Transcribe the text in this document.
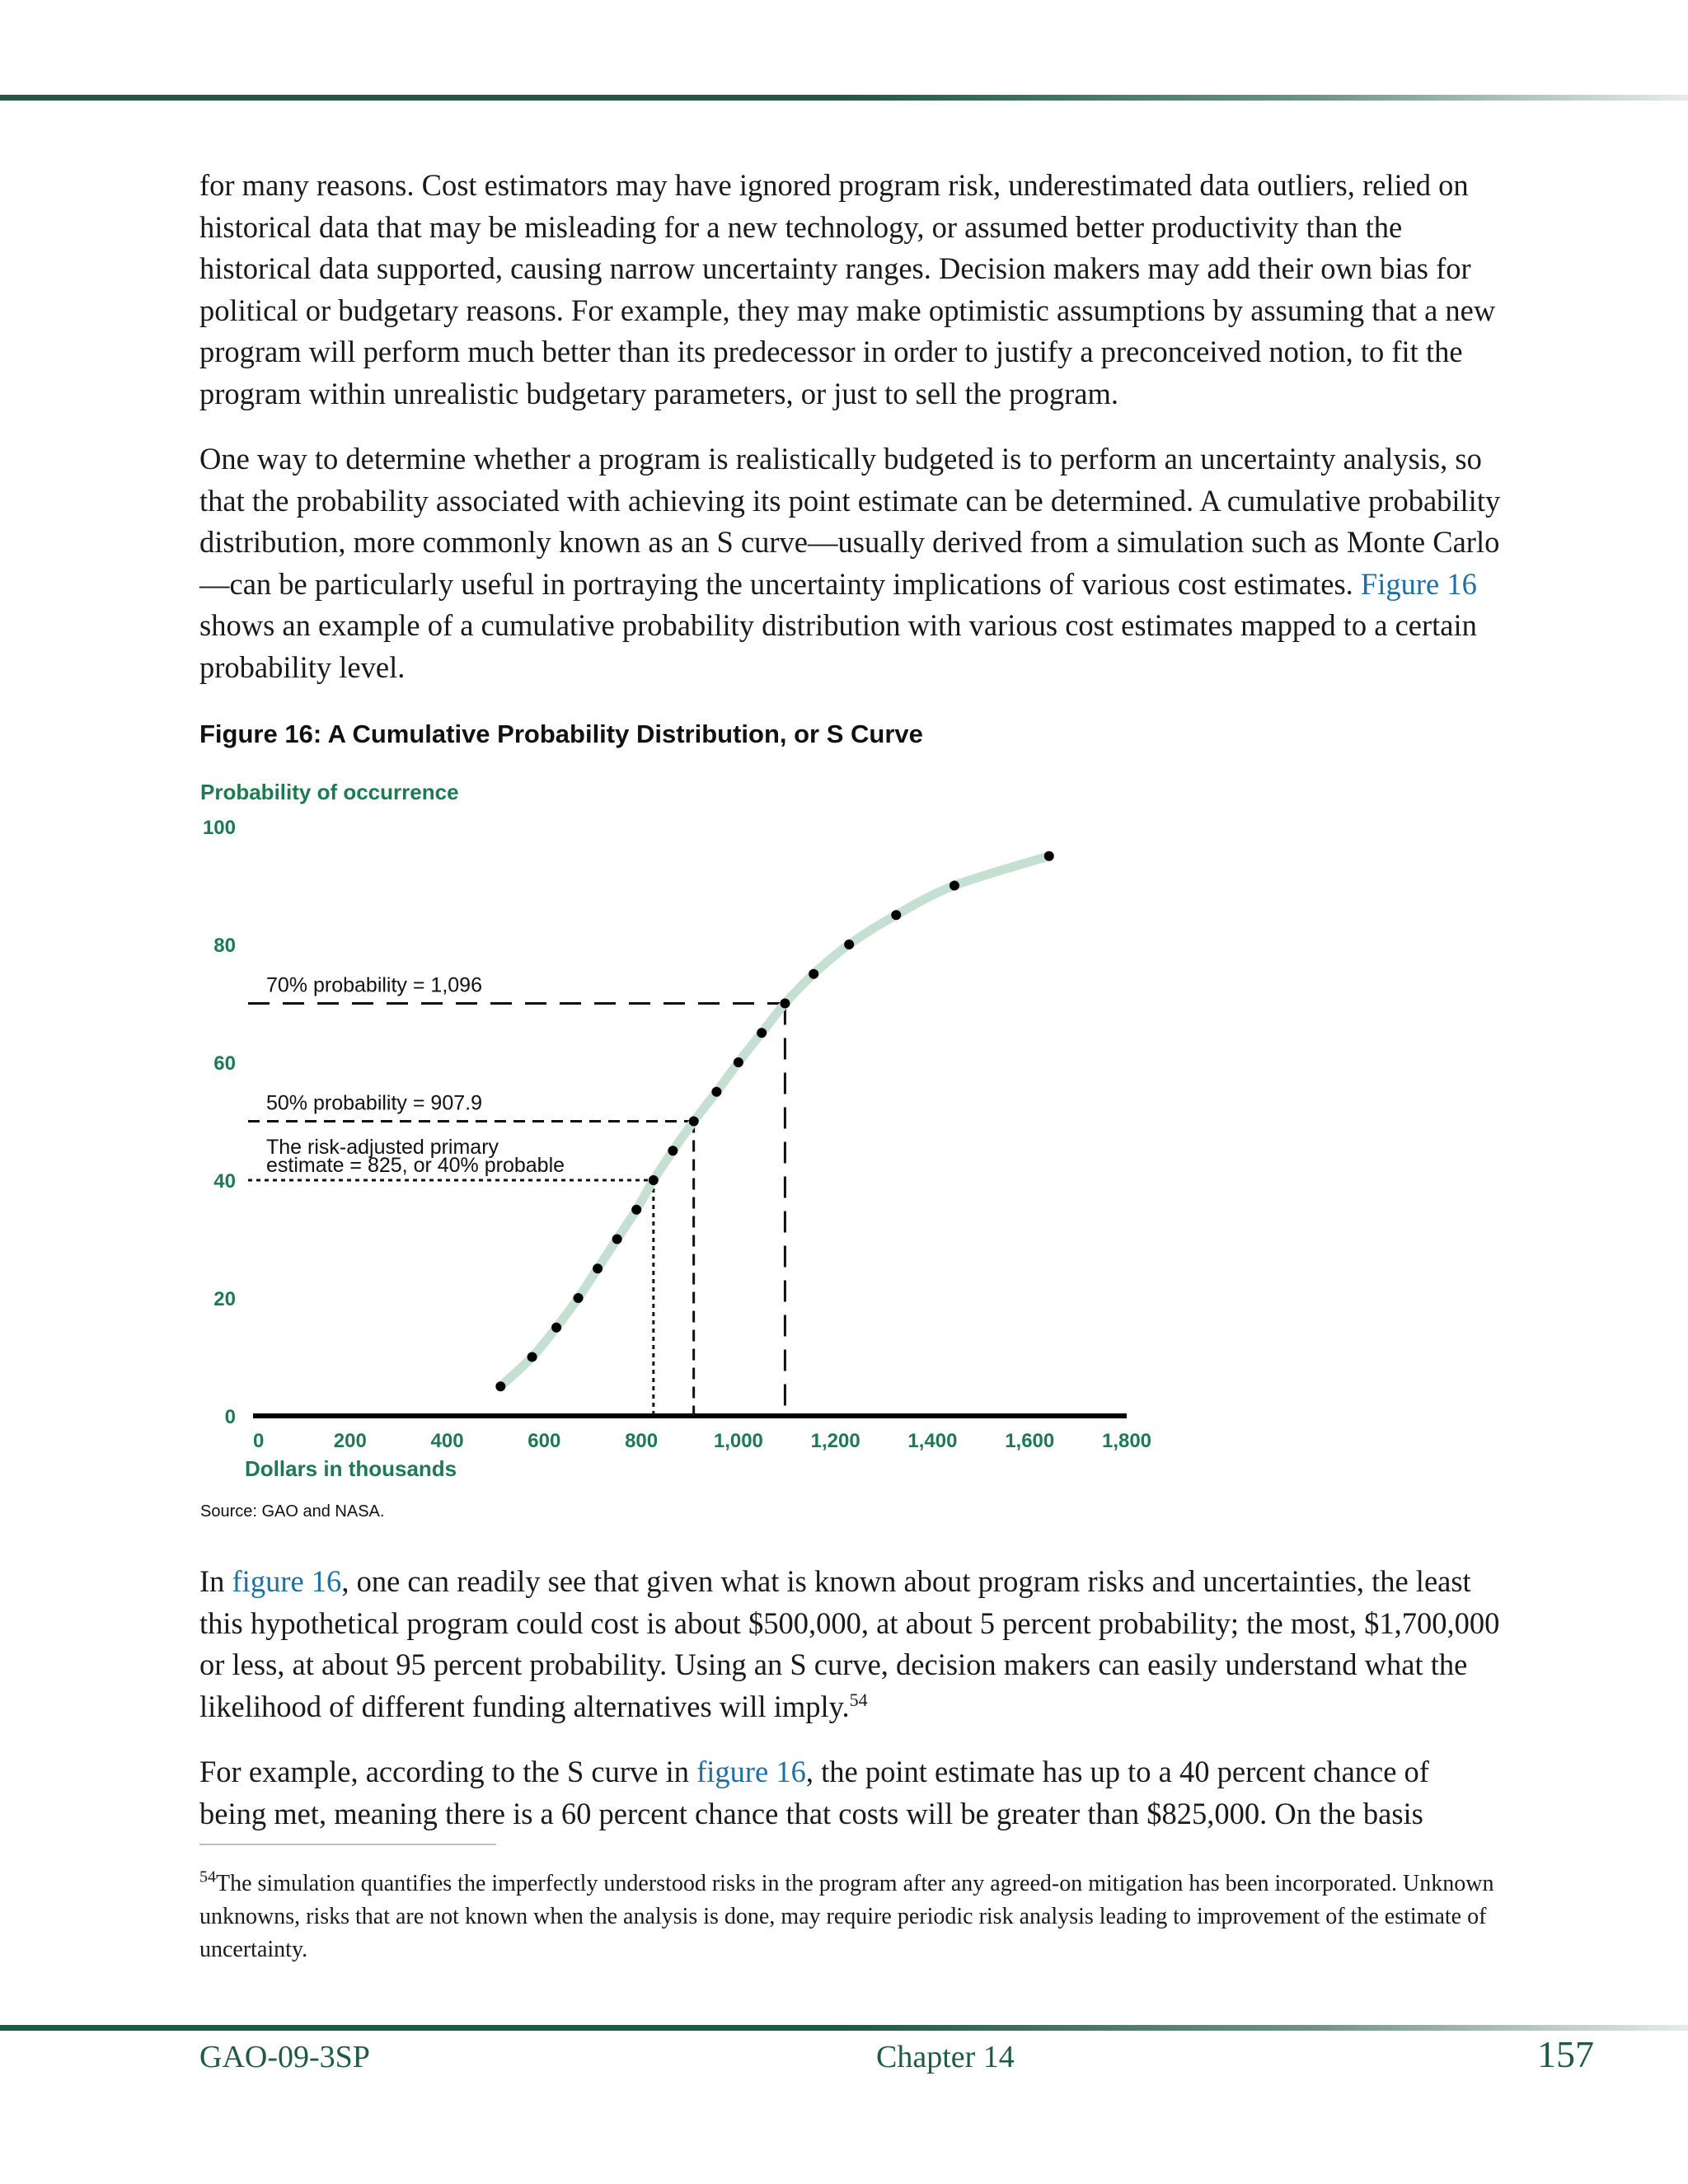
for many reasons. Cost estimators may have ignored program risk, underestimated data outliers, relied on historical data that may be misleading for a new technology, or assumed better productivity than the historical data supported, causing narrow uncertainty ranges. Decision makers may add their own bias for political or budgetary reasons. For example, they may make optimistic assumptions by assuming that a new program will perform much better than its predecessor in order to justify a preconceived notion, to fit the program within unrealistic budgetary parameters, or just to sell the program.

One way to determine whether a program is realistically budgeted is to perform an uncertainty analysis, so that the probability associated with achieving its point estimate can be determined. A cumulative probability distribution, more commonly known as an S curve—usually derived from a simulation such as Monte Carlo—can be particularly useful in portraying the uncertainty implications of various cost estimates. Figure 16 shows an example of a cumulative probability distribution with various cost estimates mapped to a certain probability level.

Figure 16: A Cumulative Probability Distribution, or S Curve
Probability of occurrence
0
20
40
60
80
100
0	200	400	600	800	1,000 1,200 1,400 1,600 1,800
Dollars in thousands
70% probability = 1,096
50% probability = 907.9
The risk-adjusted primary
estimate = 825, or 40% probable
Source: GAO and NASA.

In figure 16, one can readily see that given what is known about program risks and uncertainties, the least this hypothetical program could cost is about $500,000, at about 5 percent probability; the most, $1,700,000 or less, at about 95 percent probability. Using an S curve, decision makers can easily understand what the likelihood of different funding alternatives will imply.$^{54}$

For example, according to the S curve in figure 16, the point estimate has up to a 40 percent chance of being met, meaning there is a 60 percent chance that costs will be greater than $825,000. On the basis

$^{54}$The simulation quantifies the imperfectly understood risks in the program after any agreed-on mitigation has been incorporated. Unknown unknowns, risks that are not known when the analysis is done, may require periodic risk analysis leading to improvement of the estimate of uncertainty.

GAO-09-3SP	Chapter 14	157
